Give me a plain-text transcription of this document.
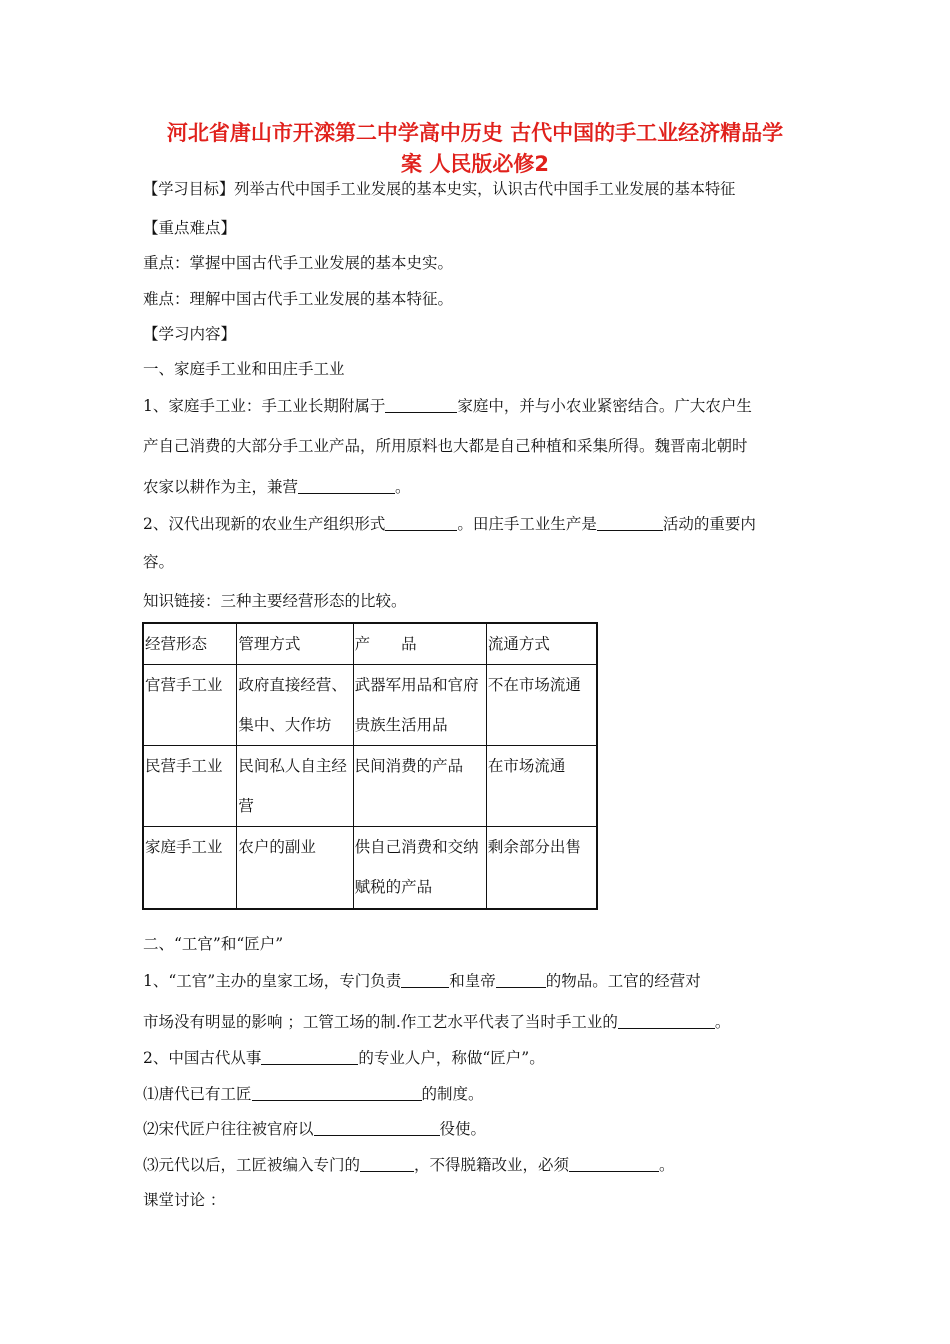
河北省唐山市开滦第二中学高中历史 古代中国的手工业经济精品学
案 人民版必修2
【学习目标】列举古代中国手工业发展的基本史实，认识古代中国手工业发展的基本特征
【重点难点】
重点：掌握中国古代手工业发展的基本史实。
难点：理解中国古代手工业发展的基本特征。
【学习内容】
一、家庭手工业和田庄手工业
1、家庭手工业：手工业长期附属于	家庭中，并与小农业紧密结合。广大农户生
产自己消费的大部分手工业产品，所用原料也大都是自己种植和采集所得。魏晋南北朝时
农家以耕作为主，兼营	。
2、汉代出现新的农业生产组织形式	。田庄手工业生产是	活动的重要内
容。
知识链接：三种主要经营形态的比较。
经营形态	管理方式	产　　品	流通方式
官营手工业	政府直接经营、集中、大作坊	武器军用品和官府贵族生活用品	不在市场流通
民营手工业	民间私人自主经营	民间消费的产品	在市场流通
家庭手工业	农户的副业	供自己消费和交纳赋税的产品	剩余部分出售
二、“工官”和“匠户”
1、“工官”主办的皇家工场，专门负责	和皇帝	的物品。工官的经营对
市场没有明显的影响 ；工管工场的制.作工艺水平代表了当时手工业的	。
2、中国古代从事	的专业人户，称做“匠户”。
⑴唐代已有工匠	的制度。
⑵宋代匠户往往被官府以	役使。
⑶元代以后，工匠被编入专门的	，不得脱籍改业，必须	。
课堂讨论 ：
